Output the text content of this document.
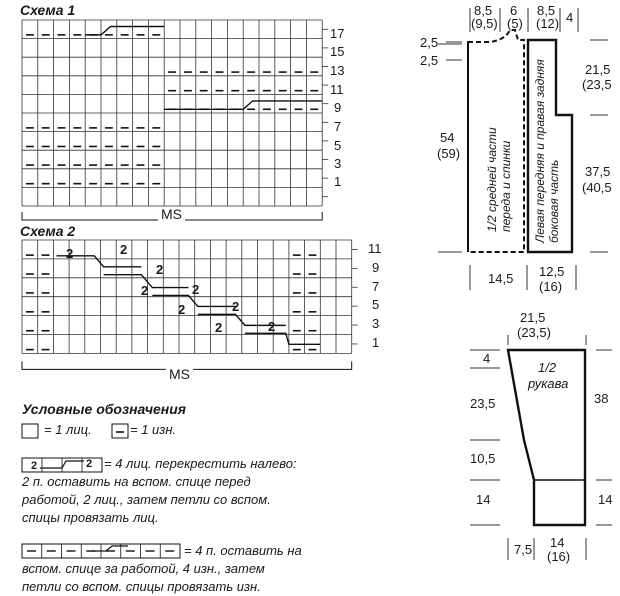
Схема 1
17
15
13
11
9
7
5
3
1
MS
Схема 2
11
9
7
5
3
1
2	2
2
2	2
2	2
2	2
MS
Условные обозначения
= 1 лиц.	= 1 изн.
2	2 = 4 лиц. перекрестить налево:
2 п. оставить на вспом. спице перед
работой, 2 лиц., затем петли со вспом.
спицы провязать лиц.
= 4 п. оставить на
вспом. спице за работой, 4 изн., затем
петли со вспом. спицы провязать изн.
8,5
(9,5)
6
(5)
8,5
(12) 4
2,5
2,5
54
(59)
21,5
(23,5
37,5
(40,5
1/2 средней части переда и спинки Левая передняя и правая задняя боковая часть
14,5 12,5
(16)
21,5
(23,5)
1/2
рукава
4
23,5
10,5
14
38
14
7,5 14
(16)
